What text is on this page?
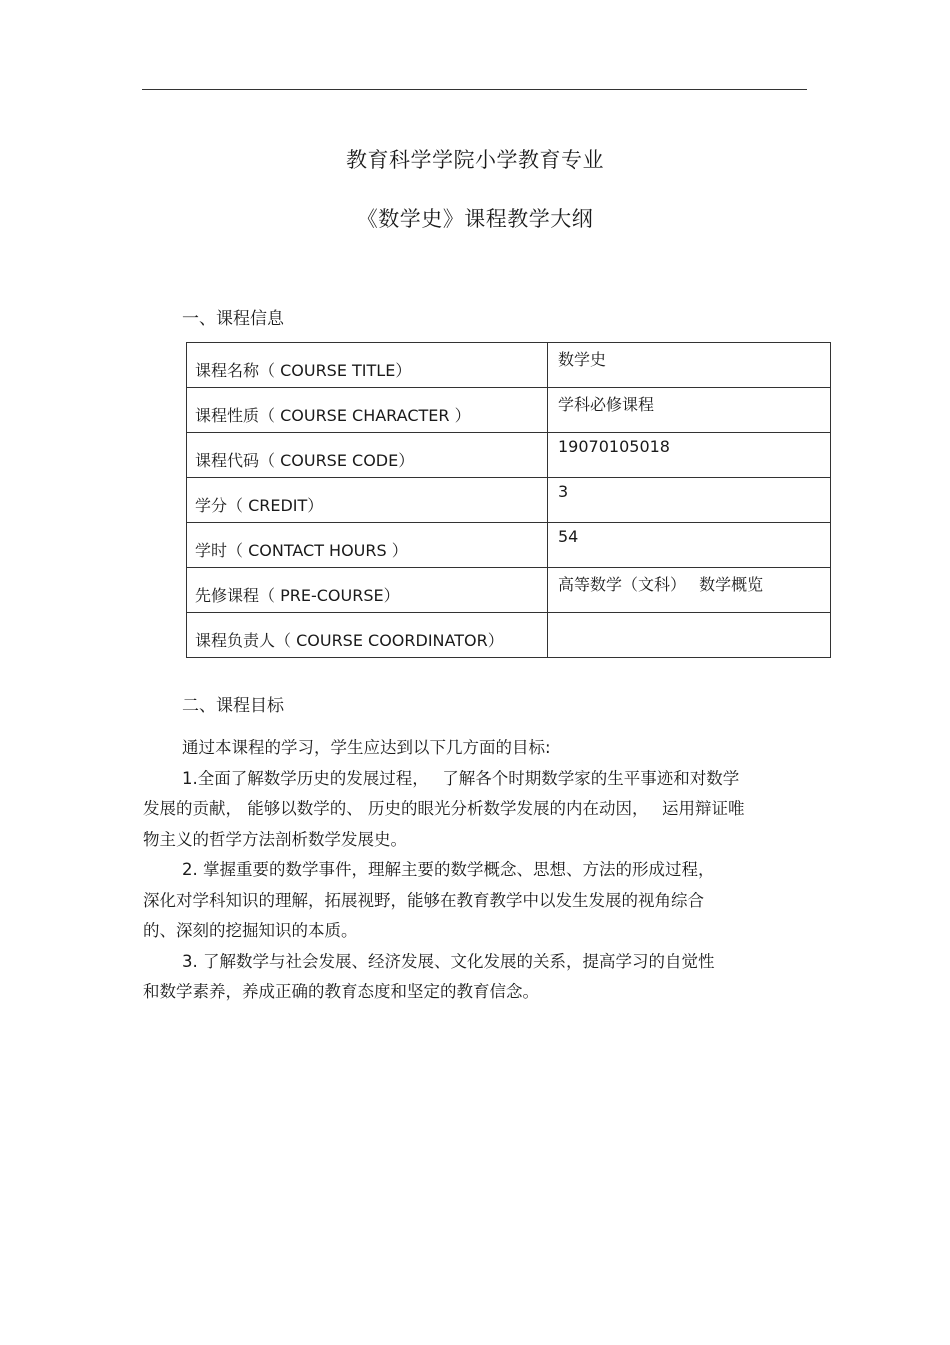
教育科学学院小学教育专业
《数学史》课程教学大纲
一、课程信息
课程名称（ COURSE TITLE）	数学史
课程性质（ COURSE CHARACTER ）	学科必修课程
课程代码（ COURSE CODE）	19070105018
学分（ CREDIT）	3
学时（ CONTACT HOURS ）	54
先修课程（ PRE-COURSE）	高等数学（文科）　 数学概览
课程负责人（ COURSE COORDINATOR）	
二、课程目标

通过本课程的学习，学生应达到以下几方面的目标:

1.全面了解数学历史的发展过程，　 了解各个时期数学家的生平事迹和对数学

发展的贡献， 能够以数学的、 历史的眼光分析数学发展的内在动因，　 运用辩证唯

物主义的哲学方法剖析数学发展史。

2. 掌握重要的数学事件，理解主要的数学概念、思想、方法的形成过程，

深化对学科知识的理解，拓展视野，能够在教育教学中以发生发展的视角综合

的、深刻的挖掘知识的本质。

3. 了解数学与社会发展、经济发展、文化发展的关系，提高学习的自觉性

和数学素养，养成正确的教育态度和坚定的教育信念。
